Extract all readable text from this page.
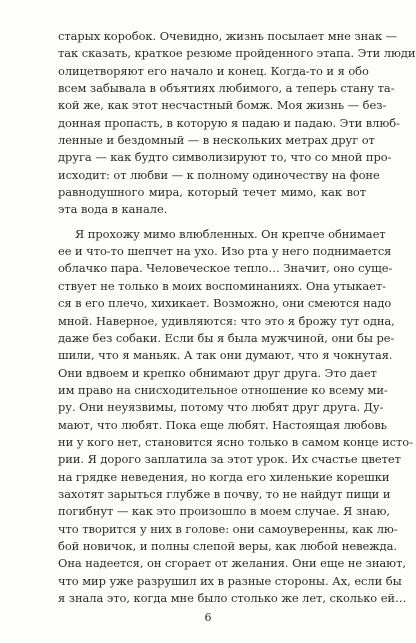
старых коробок. Очевидно, жизнь посылает мне знак —
так сказать, краткое резюме пройденного этапа. Эти люди
олицетворяют его начало и конец. Когда-то и я обо
всем забывала в объятиях любимого, а теперь стану та-
кой же, как этот несчастный бомж. Моя жизнь — без-
донная пропасть, в которую я падаю и падаю. Эти влюб-
ленные и бездомный — в нескольких метрах друг от
друга — как будто символизируют то, что со мной про-
исходит: от любви — к полному одиночеству на фоне
равнодушного мира, который течет мимо, как вот
эта вода в канале.
Я прохожу мимо влюбленных. Он крепче обнимает
ее и что-то шепчет на ухо. Изо рта у него поднимается
облачко пара. Человеческое тепло… Значит, оно суще-
ствует не только в моих воспоминаниях. Она утыкает-
ся в его плечо, хихикает. Возможно, они смеются надо
мной. Наверное, удивляются: что это я брожу тут одна,
даже без собаки. Если бы я была мужчиной, они бы ре-
шили, что я маньяк. А так они думают, что я чокнутая.
Они вдвоем и крепко обнимают друг друга. Это дает
им право на снисходительное отношение ко всему ми-
ру. Они неуязвимы, потому что любят друг друга. Ду-
мают, что любят. Пока еще любят. Настоящая любовь
ни у кого нет, становится ясно только в самом конце исто-
рии. Я дорого заплатила за этот урок. Их счастье цветет
на грядке неведения, но когда его хиленькие корешки
захотят зарыться глубже в почву, то не найдут пищи и
погибнут — как это произошло в моем случае. Я знаю,
что творится у них в голове: они самоуверенны, как лю-
бой новичок, и полны слепой веры, как любой невежда.
Она надеется, он сгорает от желания. Они еще не знают,
что мир уже разрушил их в разные стороны. Ах, если бы
я знала это, когда мне было столько же лет, сколько ей…
6
